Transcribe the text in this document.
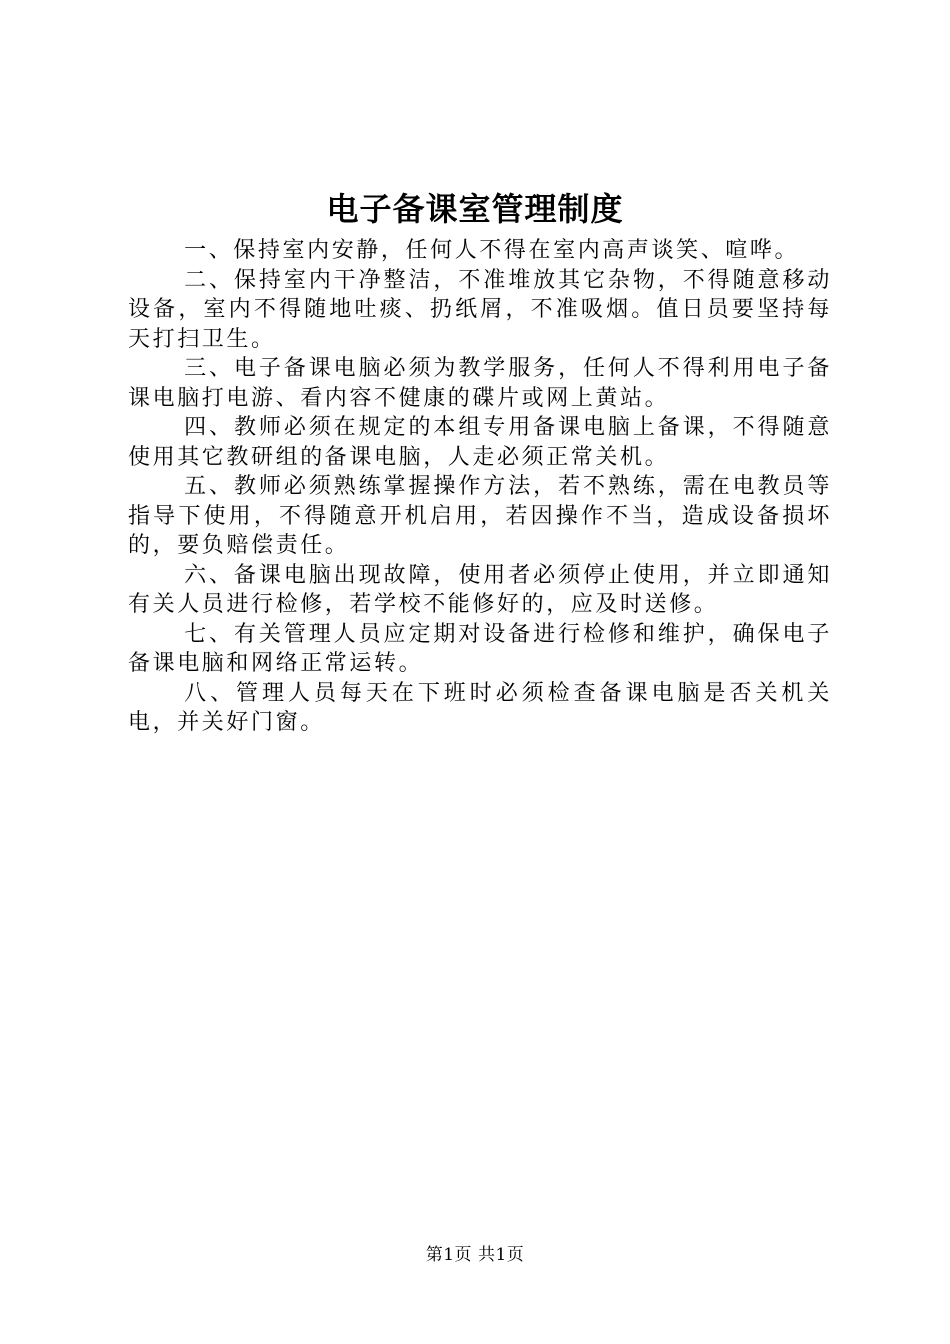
电子备课室管理制度

一、保持室内安静，任何人不得在室内高声谈笑、喧哗。

二、保持室内干净整洁，不准堆放其它杂物，不得随意移动设备，室内不得随地吐痰、扔纸屑，不准吸烟。值日员要坚持每天打扫卫生。

三、电子备课电脑必须为教学服务，任何人不得利用电子备课电脑打电游、看内容不健康的碟片或网上黄站。

四、教师必须在规定的本组专用备课电脑上备课，不得随意使用其它教研组的备课电脑，人走必须正常关机。

五、教师必须熟练掌握操作方法，若不熟练，需在电教员等指导下使用，不得随意开机启用，若因操作不当，造成设备损坏的，要负赔偿责任。

六、备课电脑出现故障，使用者必须停止使用，并立即通知有关人员进行检修，若学校不能修好的，应及时送修。

七、有关管理人员应定期对设备进行检修和维护，确保电子备课电脑和网络正常运转。

八、管理人员每天在下班时必须检查备课电脑是否关机关电，并关好门窗。

第1页 共1页
